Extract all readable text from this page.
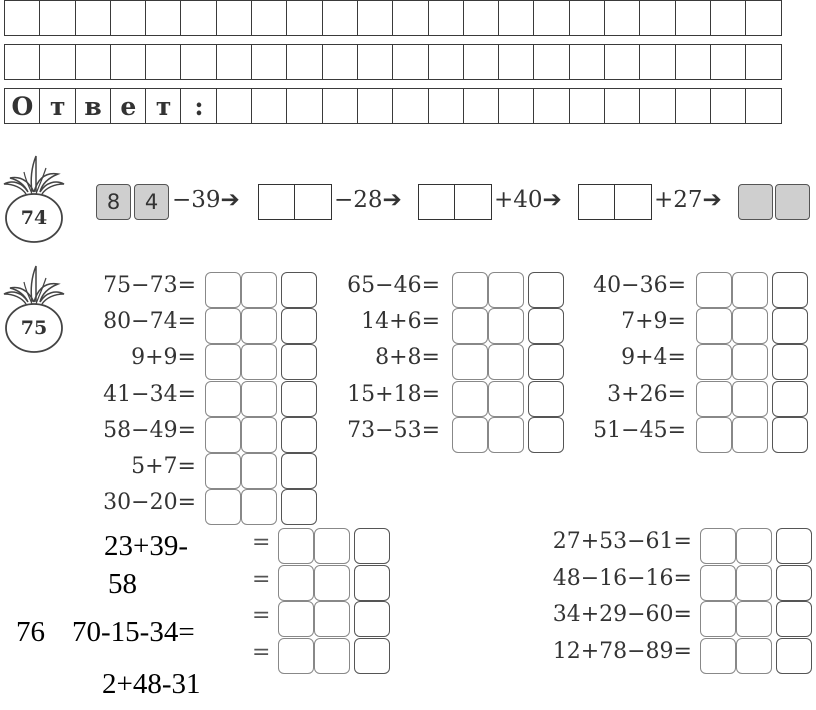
О т в е т :
74
8	4 −39➔	−28➔	+40➔	+27➔
75
75−73=
80−74=
9+9=
41−34=
58−49=
5+7=
30−20=
65−46=
14+6=
8+8=
15+18=
73−53=
40−36=
7+9=
9+4=
3+26=
51−45=
23+39-
58
76 70-15-34=
2+48-31
=
=
=
=
27+53−61=
48−16−16=
34+29−60=
12+78−89=
